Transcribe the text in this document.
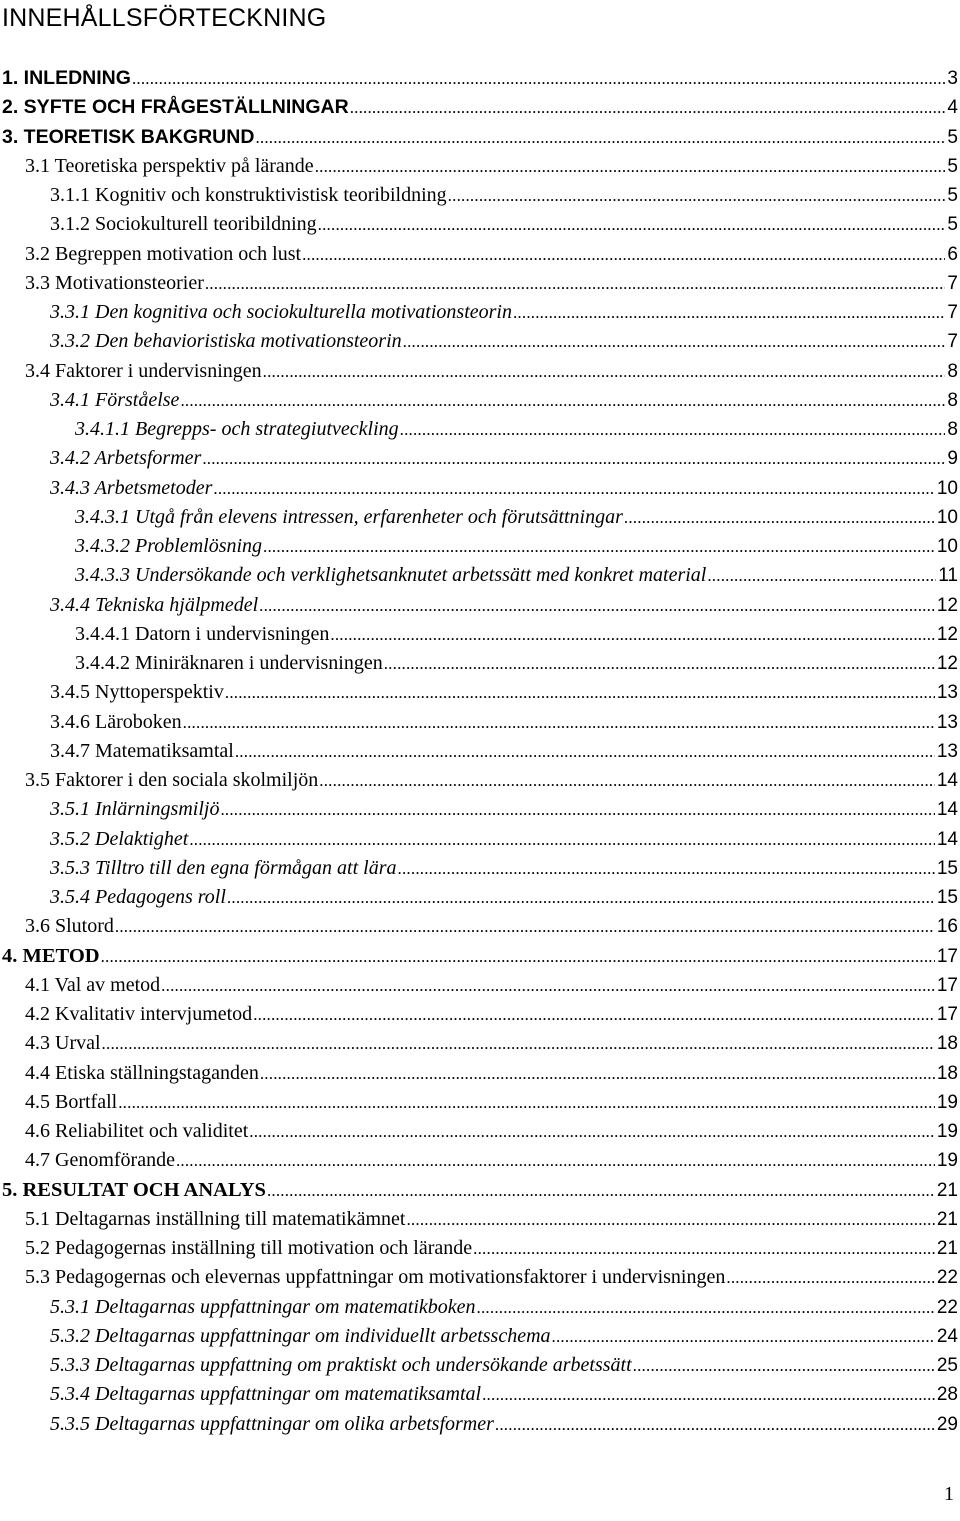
INNEHÅLLSFÖRTECKNING
1. INLEDNING .....	3
2. SYFTE OCH FRÅGESTÄLLNINGAR .....	4
3. TEORETISK BAKGRUND .....	5
3.1 Teoretiska perspektiv på lärande .....	5
3.1.1 Kognitiv och konstruktivistisk teoribildning .....	5
3.1.2 Sociokulturell teoribildning .....	5
3.2 Begreppen motivation och lust .....	6
3.3 Motivationsteorier .....	7
3.3.1 Den kognitiva och sociokulturella motivationsteorin .....	7
3.3.2 Den behavioristiska motivationsteorin .....	7
3.4 Faktorer i undervisningen .....	8
3.4.1 Förståelse .....	8
3.4.1.1 Begrepps- och strategiutveckling .....	8
3.4.2 Arbetsformer .....	9
3.4.3 Arbetsmetoder .....	10
3.4.3.1 Utgå från elevens intressen, erfarenheter och förutsättningar .....	10
3.4.3.2 Problemlösning .....	10
3.4.3.3 Undersökande och verklighetsanknutet arbetssätt med konkret material .....	11
3.4.4 Tekniska hjälpmedel .....	12
3.4.4.1 Datorn i undervisningen .....	12
3.4.4.2 Miniräknaren i undervisningen .....	12
3.4.5 Nyttoperspektiv .....	13
3.4.6 Läroboken .....	13
3.4.7 Matematiksamtal .....	13
3.5 Faktorer i den sociala skolmiljön .....	14
3.5.1 Inlärningsmiljö .....	14
3.5.2 Delaktighet .....	14
3.5.3 Tilltro till den egna förmågan att lära .....	15
3.5.4 Pedagogens roll .....	15
3.6 Slutord .....	16
4. METOD .....	17
4.1 Val av metod .....	17
4.2 Kvalitativ intervjumetod .....	17
4.3 Urval .....	18
4.4 Etiska ställningstaganden .....	18
4.5 Bortfall .....	19
4.6 Reliabilitet och validitet .....	19
4.7 Genomförande .....	19
5. RESULTAT OCH ANALYS .....	21
5.1 Deltagarnas inställning till matematikämnet .....	21
5.2 Pedagogernas inställning till motivation och lärande .....	21
5.3 Pedagogernas och elevernas uppfattningar om motivationsfaktorer i undervisningen .....	22
5.3.1 Deltagarnas uppfattningar om matematikboken .....	22
5.3.2 Deltagarnas uppfattningar om individuellt arbetsschema .....	24
5.3.3 Deltagarnas uppfattning om praktiskt och undersökande arbetssätt .....	25
5.3.4 Deltagarnas uppfattningar om matematiksamtal .....	28
5.3.5 Deltagarnas uppfattningar om olika arbetsformer .....	29
1
